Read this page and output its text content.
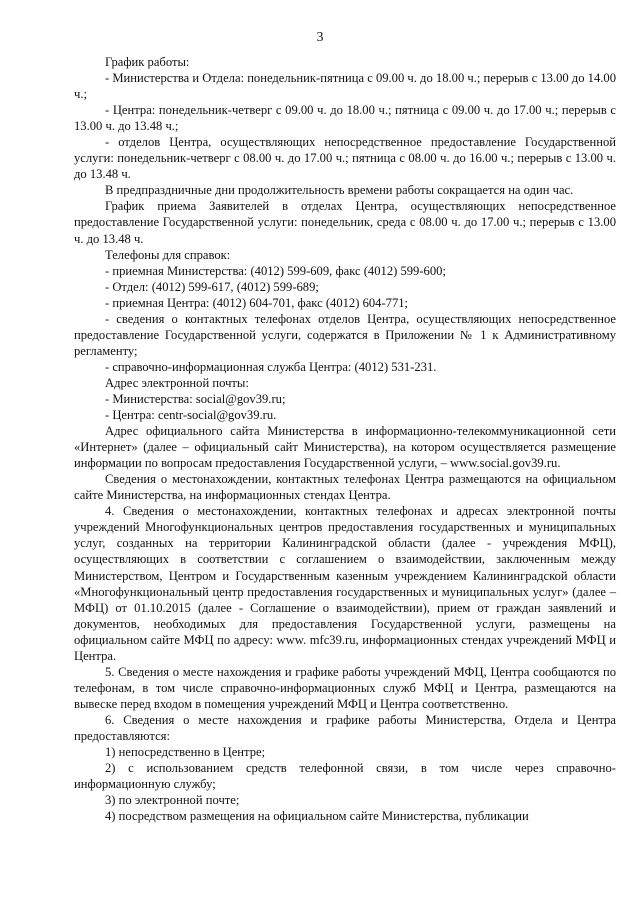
3

График работы:

- Министерства и Отдела: понедельник-пятница с 09.00 ч. до 18.00 ч.; перерыв с 13.00 до 14.00 ч.;

- Центра: понедельник-четверг с 09.00 ч. до 18.00 ч.; пятница с 09.00 ч. до 17.00 ч.; перерыв с 13.00 ч. до 13.48 ч.;

- отделов Центра, осуществляющих непосредственное предоставление Государственной услуги: понедельник-четверг с 08.00 ч. до 17.00 ч.; пятница с 08.00 ч. до 16.00 ч.; перерыв с 13.00 ч. до 13.48 ч.

В предпраздничные дни продолжительность времени работы сокращается на один час.

График приема Заявителей в отделах Центра, осуществляющих непосредственное предоставление Государственной услуги: понедельник, среда с 08.00 ч. до 17.00 ч.; перерыв с 13.00 ч. до 13.48 ч.

Телефоны для справок:

- приемная Министерства: (4012) 599-609, факс (4012) 599-600;

- Отдел: (4012) 599-617, (4012) 599-689;

- приемная Центра: (4012) 604-701, факс (4012) 604-771;

- сведения о контактных телефонах отделов Центра, осуществляющих непосредственное предоставление Государственной услуги, содержатся в Приложении № 1 к Административному регламенту;

- справочно-информационная служба Центра: (4012) 531-231.

Адрес электронной почты:

- Министерства: social@gov39.ru;

- Центра: centr-social@gov39.ru.

Адрес официального сайта Министерства в информационно-телекоммуникационной сети «Интернет» (далее – официальный сайт Министерства), на котором осуществляется размещение информации по вопросам предоставления Государственной услуги, – www.social.gov39.ru.

Сведения о местонахождении, контактных телефонах Центра размещаются на официальном сайте Министерства, на информационных стендах Центра.

4. Сведения о местонахождении, контактных телефонах и адресах электронной почты учреждений Многофункциональных центров предоставления государственных и муниципальных услуг, созданных на территории Калининградской области (далее - учреждения МФЦ), осуществляющих в соответствии с соглашением о взаимодействии, заключенным между Министерством, Центром и Государственным казенным учреждением Калининградской области «Многофункциональный центр предоставления государственных и муниципальных услуг» (далее – МФЦ) от 01.10.2015 (далее - Соглашение о взаимодействии), прием от граждан заявлений и документов, необходимых для предоставления Государственной услуги, размещены на официальном сайте МФЦ по адресу: www. mfc39.ru, информационных стендах учреждений МФЦ и Центра.

5. Сведения о месте нахождения и графике работы учреждений МФЦ, Центра сообщаются по телефонам, в том числе справочно-информационных служб МФЦ и Центра, размещаются на вывеске перед входом в помещения учреждений МФЦ и Центра соответственно.

6. Сведения о месте нахождения и графике работы Министерства, Отдела и Центра предоставляются:

1) непосредственно в Центре;

2) с использованием средств телефонной связи, в том числе через справочно-информационную службу;

3) по электронной почте;

4) посредством размещения на официальном сайте Министерства, публикации
